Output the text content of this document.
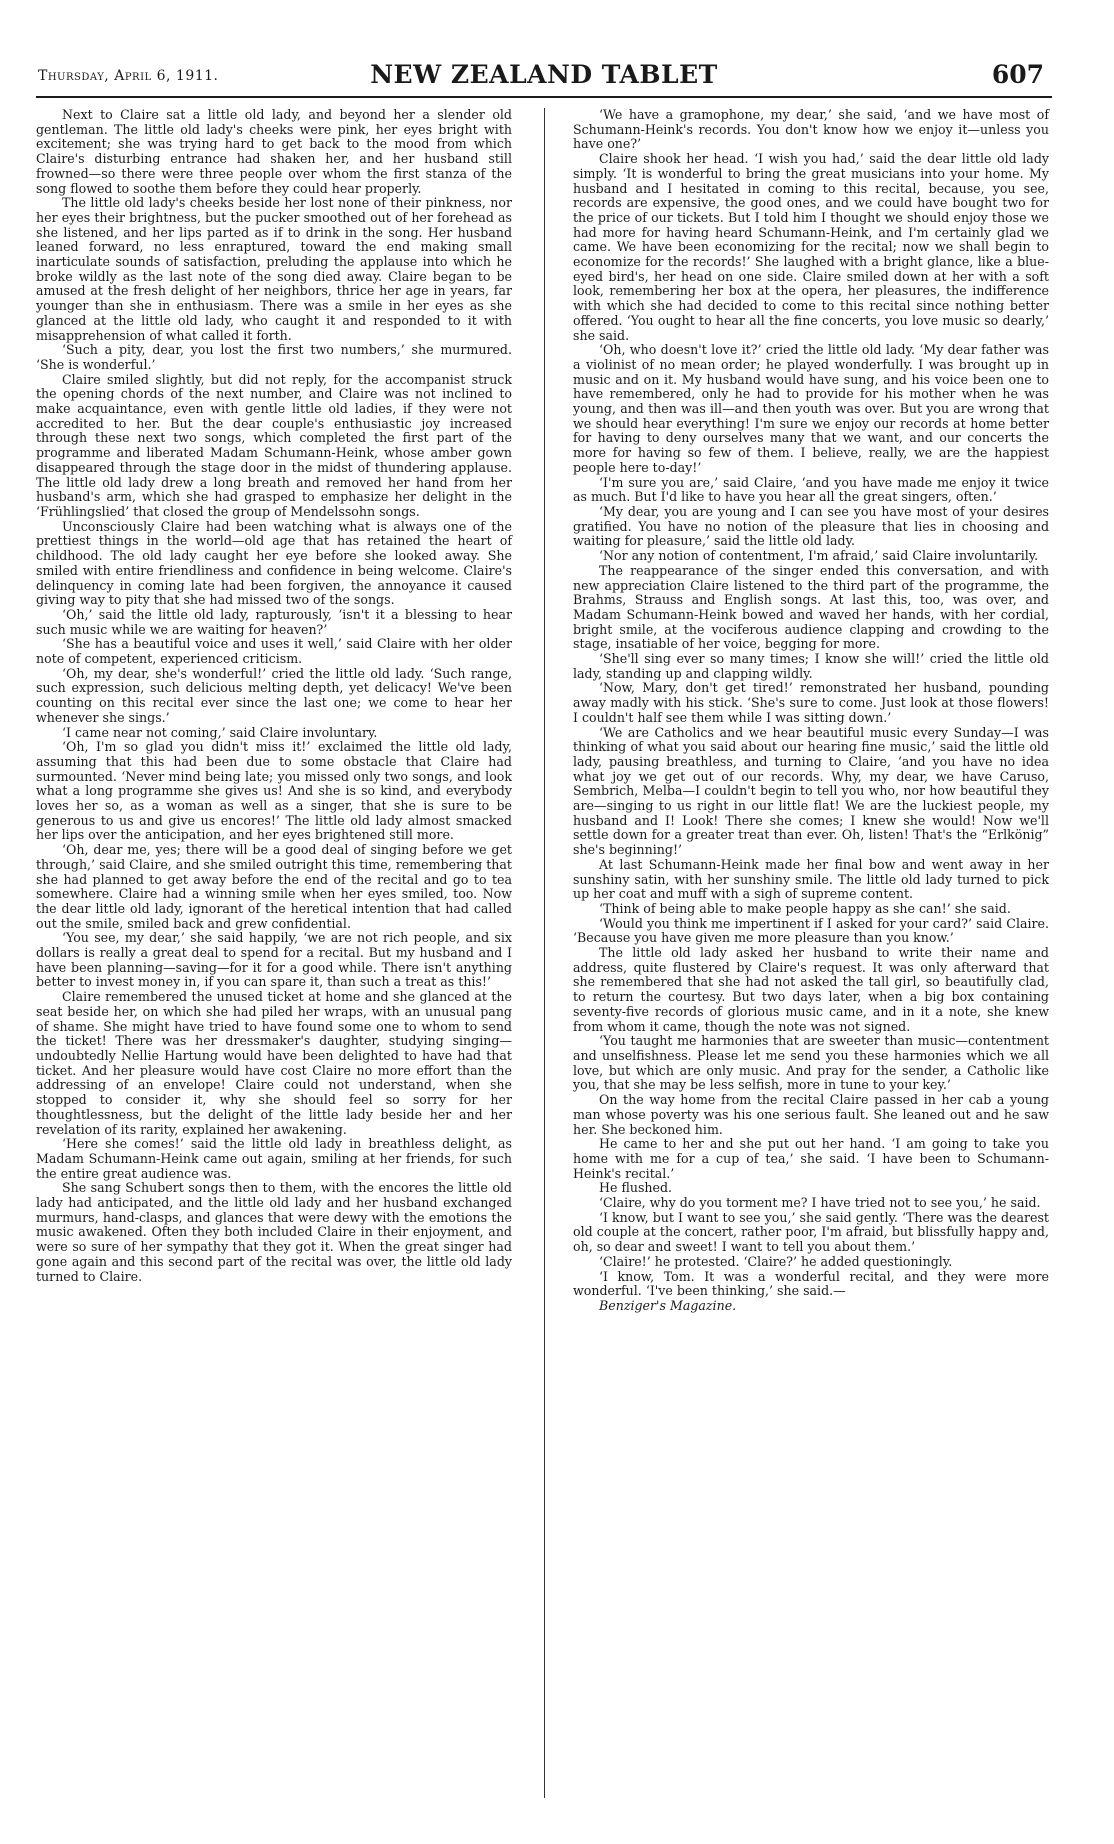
Thursday, April 6, 1911.	NEW ZEALAND TABLET	607

Next to Claire sat a little old lady, and beyond her a slender old gentleman. The little old lady's cheeks were pink, her eyes bright with excitement; she was trying hard to get back to the mood from which Claire's disturbing entrance had shaken her, and her husband still frowned—so there were three people over whom the first stanza of the song flowed to soothe them before they could hear properly.

The little old lady's cheeks beside her lost none of their pinkness, nor her eyes their brightness, but the pucker smoothed out of her forehead as she listened, and her lips parted as if to drink in the song. Her husband leaned forward, no less enraptured, toward the end making small inarticulate sounds of satisfaction, preluding the applause into which he broke wildly as the last note of the song died away. Claire began to be amused at the fresh delight of her neighbors, thrice her age in years, far younger than she in enthusiasm. There was a smile in her eyes as she glanced at the little old lady, who caught it and responded to it with misapprehension of what called it forth.

‘Such a pity, dear, you lost the first two numbers,’ she murmured. ‘She is wonderful.’

Claire smiled slightly, but did not reply, for the accompanist struck the opening chords of the next number, and Claire was not inclined to make acquaintance, even with gentle little old ladies, if they were not accredited to her. But the dear couple's enthusiastic joy increased through these next two songs, which completed the first part of the programme and liberated Madam Schumann-Heink, whose amber gown disappeared through the stage door in the midst of thundering applause. The little old lady drew a long breath and removed her hand from her husband's arm, which she had grasped to emphasize her delight in the ‘Frühlingslied’ that closed the group of Mendelssohn songs.

Unconsciously Claire had been watching what is always one of the prettiest things in the world—old age that has retained the heart of childhood. The old lady caught her eye before she looked away. She smiled with entire friendliness and confidence in being welcome. Claire's delinquency in coming late had been forgiven, the annoyance it caused giving way to pity that she had missed two of the songs.

‘Oh,’ said the little old lady, rapturously, ‘isn't it a blessing to hear such music while we are waiting for heaven?’

‘She has a beautiful voice and uses it well,’ said Claire with her older note of competent, experienced criticism.

‘Oh, my dear, she's wonderful!’ cried the little old lady. ‘Such range, such expression, such delicious melting depth, yet delicacy! We've been counting on this recital ever since the last one; we come to hear her whenever she sings.’

‘I came near not coming,’ said Claire involuntary.

‘Oh, I'm so glad you didn't miss it!’ exclaimed the little old lady, assuming that this had been due to some obstacle that Claire had surmounted. ‘Never mind being late; you missed only two songs, and look what a long programme she gives us! And she is so kind, and everybody loves her so, as a woman as well as a singer, that she is sure to be generous to us and give us encores!’ The little old lady almost smacked her lips over the anticipation, and her eyes brightened still more.

‘Oh, dear me, yes; there will be a good deal of singing before we get through,’ said Claire, and she smiled outright this time, remembering that she had planned to get away before the end of the recital and go to tea somewhere. Claire had a winning smile when her eyes smiled, too. Now the dear little old lady, ignorant of the heretical intention that had called out the smile, smiled back and grew confidential.

‘You see, my dear,’ she said happily, ‘we are not rich people, and six dollars is really a great deal to spend for a recital. But my husband and I have been planning—saving—for it for a good while. There isn't anything better to invest money in, if you can spare it, than such a treat as this!’

Claire remembered the unused ticket at home and she glanced at the seat beside her, on which she had piled her wraps, with an unusual pang of shame. She might have tried to have found some one to whom to send the ticket! There was her dressmaker's daughter, studying singing—undoubtedly Nellie Hartung would have been delighted to have had that ticket. And her pleasure would have cost Claire no more effort than the addressing of an envelope! Claire could not understand, when she stopped to consider it, why she should feel so sorry for her thoughtlessness, but the delight of the little lady beside her and her revelation of its rarity, explained her awakening.

‘Here she comes!’ said the little old lady in breathless delight, as Madam Schumann-Heink came out again, smiling at her friends, for such the entire great audience was.

She sang Schubert songs then to them, with the encores the little old lady had anticipated, and the little old lady and her husband exchanged murmurs, hand-clasps, and glances that were dewy with the emotions the music awakened. Often they both included Claire in their enjoyment, and were so sure of her sympathy that they got it. When the great singer had gone again and this second part of the recital was over, the little old lady turned to Claire.

‘We have a gramophone, my dear,’ she said, ‘and we have most of Schumann-Heink's records. You don't know how we enjoy it—unless you have one?’

Claire shook her head. ‘I wish you had,’ said the dear little old lady simply. ‘It is wonderful to bring the great musicians into your home. My husband and I hesitated in coming to this recital, because, you see, records are expensive, the good ones, and we could have bought two for the price of our tickets. But I told him I thought we should enjoy those we had more for having heard Schumann-Heink, and I'm certainly glad we came. We have been economizing for the recital; now we shall begin to economize for the records!’ She laughed with a bright glance, like a blue-eyed bird's, her head on one side. Claire smiled down at her with a soft look, remembering her box at the opera, her pleasures, the indifference with which she had decided to come to this recital since nothing better offered. ‘You ought to hear all the fine concerts, you love music so dearly,’ she said.

‘Oh, who doesn't love it?’ cried the little old lady. ‘My dear father was a violinist of no mean order; he played wonderfully. I was brought up in music and on it. My husband would have sung, and his voice been one to have remembered, only he had to provide for his mother when he was young, and then was ill—and then youth was over. But you are wrong that we should hear everything! I'm sure we enjoy our records at home better for having to deny ourselves many that we want, and our concerts the more for having so few of them. I believe, really, we are the happiest people here to-day!’

‘I'm sure you are,’ said Claire, ‘and you have made me enjoy it twice as much. But I'd like to have you hear all the great singers, often.’

‘My dear, you are young and I can see you have most of your desires gratified. You have no notion of the pleasure that lies in choosing and waiting for pleasure,’ said the little old lady.

‘Nor any notion of contentment, I'm afraid,’ said Claire involuntarily.

The reappearance of the singer ended this conversation, and with new appreciation Claire listened to the third part of the programme, the Brahms, Strauss and English songs. At last this, too, was over, and Madam Schumann-Heink bowed and waved her hands, with her cordial, bright smile, at the vociferous audience clapping and crowding to the stage, insatiable of her voice, begging for more.

‘She'll sing ever so many times; I know she will!’ cried the little old lady, standing up and clapping wildly.

‘Now, Mary, don't get tired!’ remonstrated her husband, pounding away madly with his stick. ‘She's sure to come. Just look at those flowers! I couldn't half see them while I was sitting down.’

‘We are Catholics and we hear beautiful music every Sunday—I was thinking of what you said about our hearing fine music,’ said the little old lady, pausing breathless, and turning to Claire, ‘and you have no idea what joy we get out of our records. Why, my dear, we have Caruso, Sembrich, Melba—I couldn't begin to tell you who, nor how beautiful they are—singing to us right in our little flat! We are the luckiest people, my husband and I! Look! There she comes; I knew she would! Now we'll settle down for a greater treat than ever. Oh, listen! That's the “Erlkönig” she's beginning!’

At last Schumann-Heink made her final bow and went away in her sunshiny satin, with her sunshiny smile. The little old lady turned to pick up her coat and muff with a sigh of supreme content.

‘Think of being able to make people happy as she can!’ she said.

‘Would you think me impertinent if I asked for your card?’ said Claire. ‘Because you have given me more pleasure than you know.’

The little old lady asked her husband to write their name and address, quite flustered by Claire's request. It was only afterward that she remembered that she had not asked the tall girl, so beautifully clad, to return the courtesy. But two days later, when a big box containing seventy-five records of glorious music came, and in it a note, she knew from whom it came, though the note was not signed.

‘You taught me harmonies that are sweeter than music—contentment and unselfishness. Please let me send you these harmonies which we all love, but which are only music. And pray for the sender, a Catholic like you, that she may be less selfish, more in tune to your key.’

On the way home from the recital Claire passed in her cab a young man whose poverty was his one serious fault. She leaned out and he saw her. She beckoned him.

He came to her and she put out her hand. ‘I am going to take you home with me for a cup of tea,’ she said. ‘I have been to Schumann-Heink's recital.’

He flushed.

‘Claire, why do you torment me? I have tried not to see you,’ he said.

‘I know, but I want to see you,’ she said gently. ‘There was the dearest old couple at the concert, rather poor, I'm afraid, but blissfully happy and, oh, so dear and sweet! I want to tell you about them.’

‘Claire!’ he protested. ‘Claire?’ he added questioningly.

‘I know, Tom. It was a wonderful recital, and they were more wonderful. ‘I've been thinking,’ she said.—

Benziger's Magazine.
